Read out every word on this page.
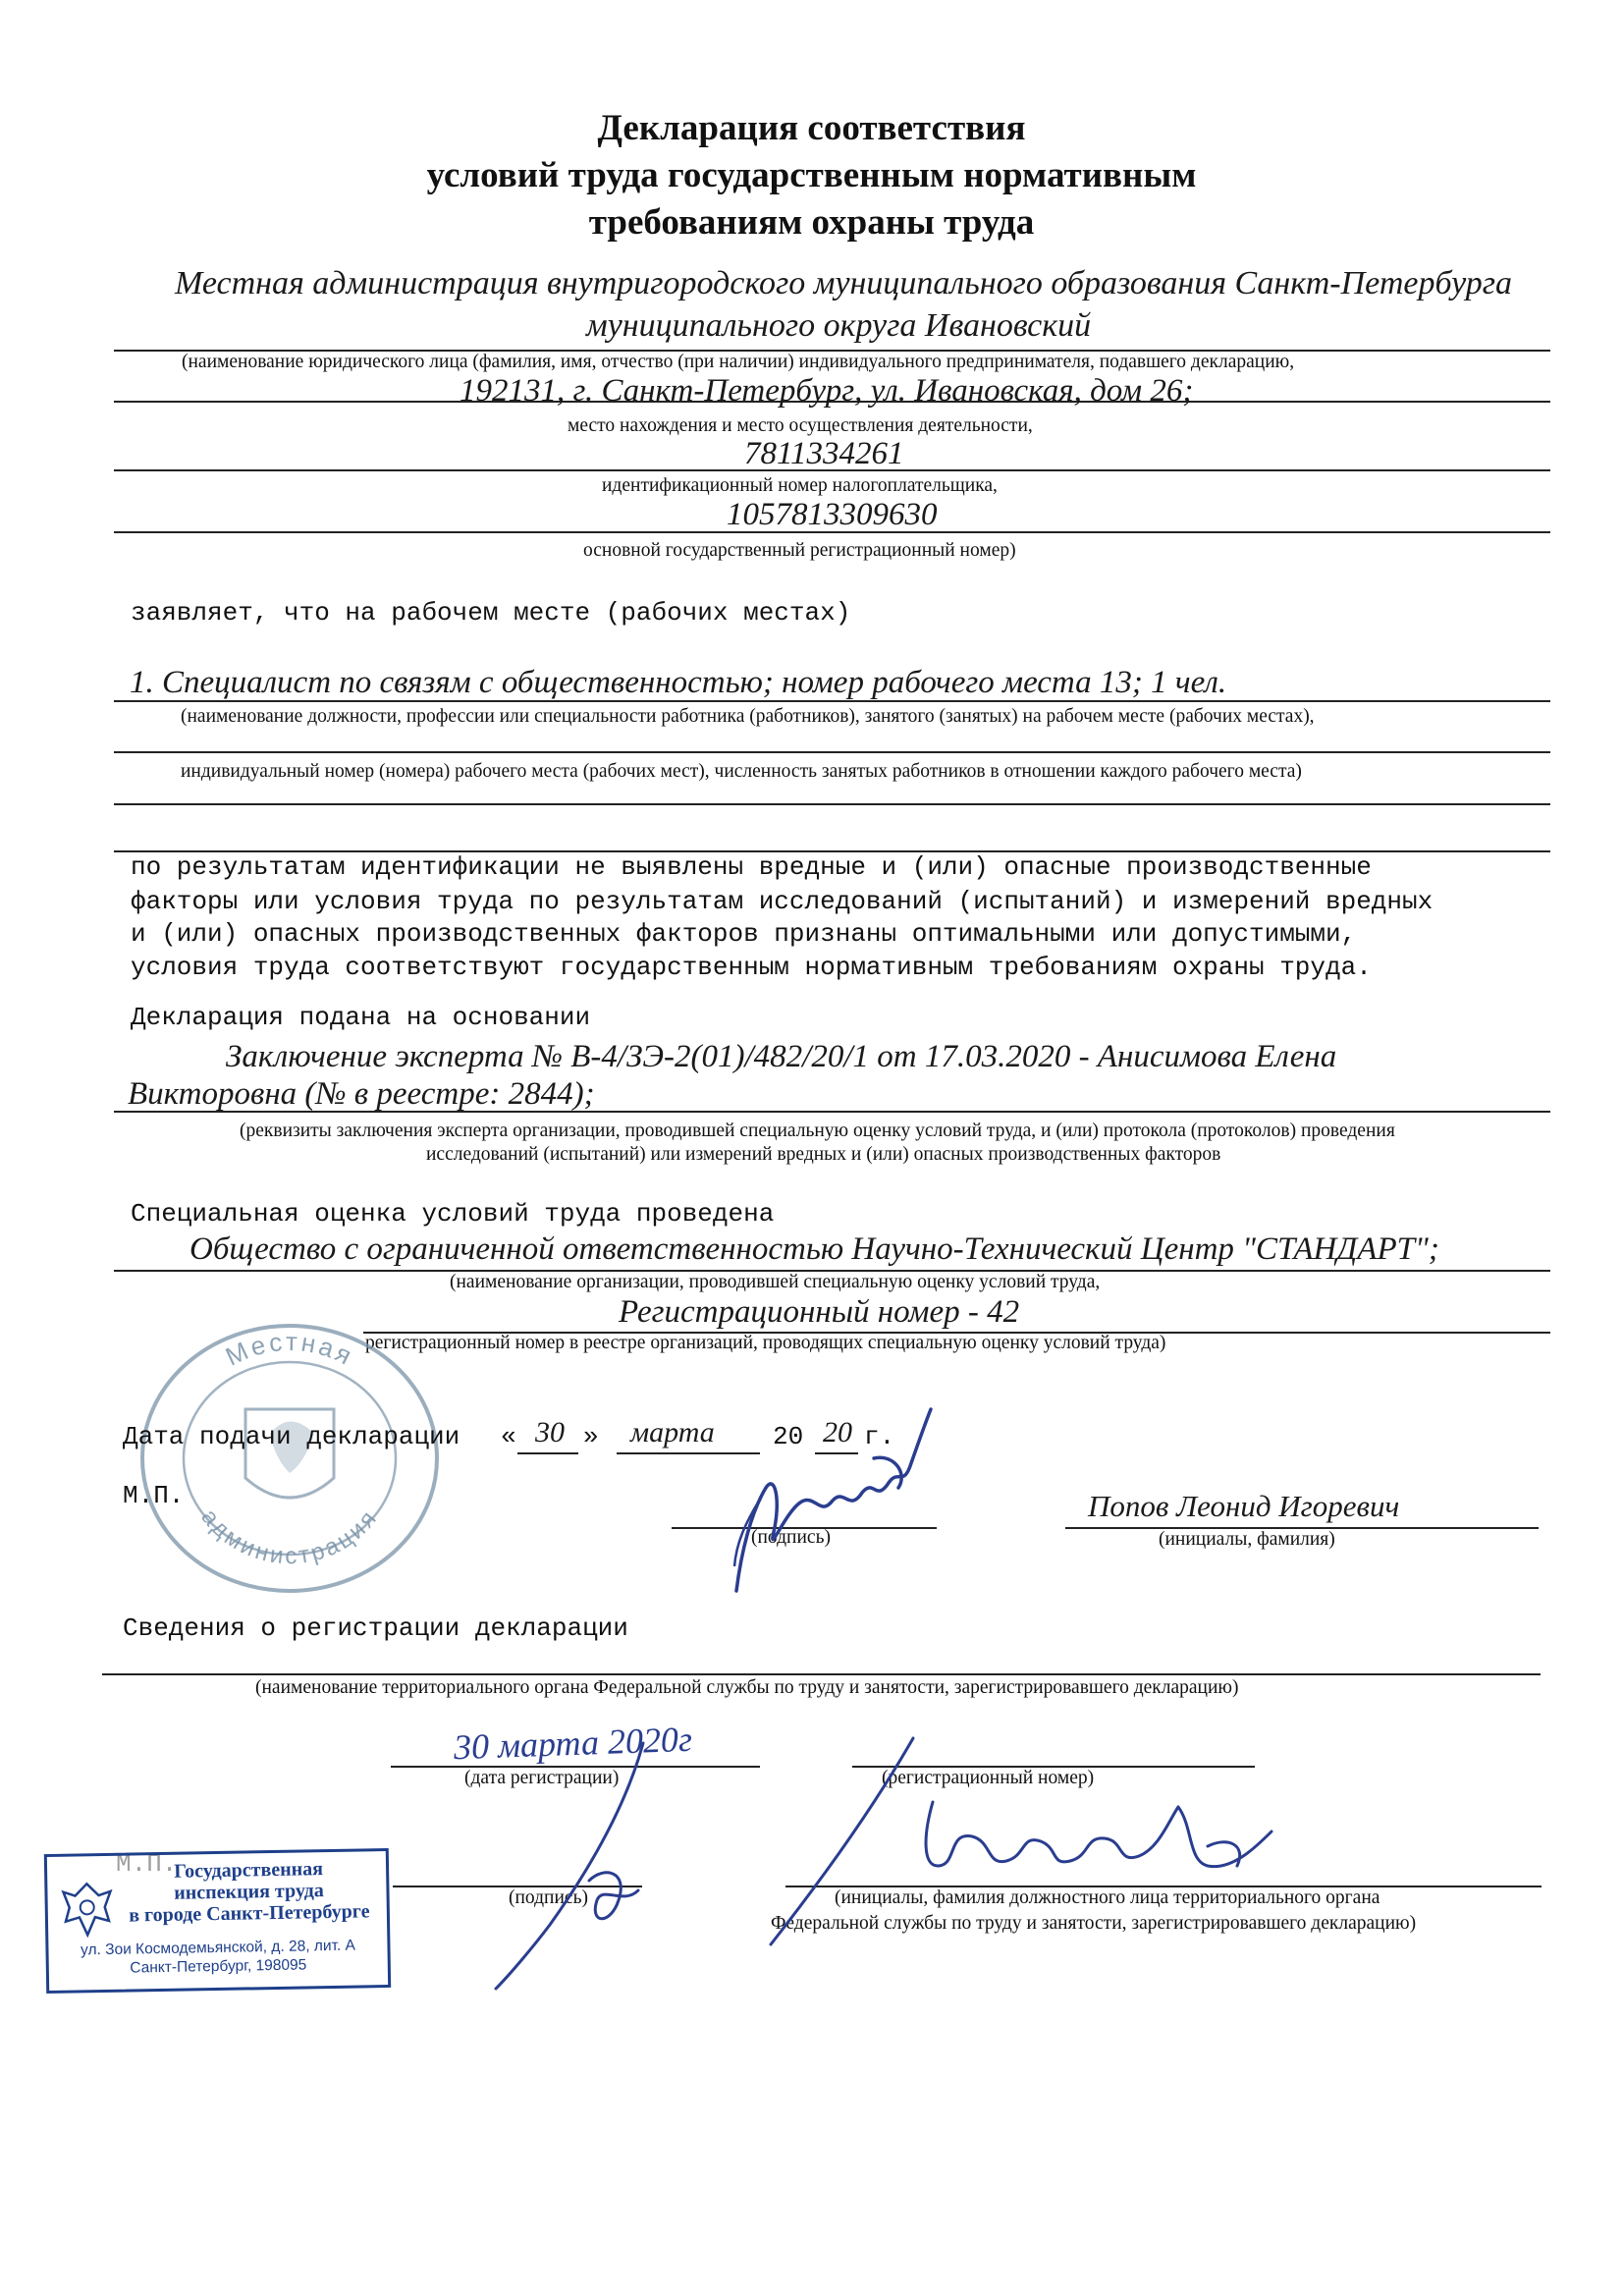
Декларация соответствия
условий труда государственным нормативным
требованиям охраны труда
Местная администрация внутригородского муниципального образования Санкт-Петербурга
муниципального округа Ивановский
(наименование юридического лица (фамилия, имя, отчество (при наличии) индивидуального предпринимателя, подавшего декларацию,
192131, г. Санкт-Петербург, ул. Ивановская, дом 26;
место нахождения и место осуществления деятельности,
7811334261
идентификационный номер налогоплательщика,
1057813309630
основной государственный регистрационный номер)
заявляет, что на рабочем месте (рабочих местах)
1. Специалист по связям с общественностью; номер рабочего места 13; 1 чел.
(наименование должности, профессии или специальности работника (работников), занятого (занятых) на рабочем месте (рабочих местах),
индивидуальный номер (номера) рабочего места (рабочих мест), численность занятых работников в отношении каждого рабочего места)
по результатам идентификации не выявлены вредные и (или) опасные производственные
факторы или условия труда по результатам исследований (испытаний) и измерений вредных
и (или) опасных производственных факторов признаны оптимальными или допустимыми,
условия труда соответствуют государственным нормативным требованиям охраны труда.
Декларация подана на основании
Заключение эксперта № В-4/ЗЭ-2(01)/482/20/1 от 17.03.2020 - Анисимова Елена
Викторовна (№ в реестре: 2844);
(реквизиты заключения эксперта организации, проводившей специальную оценку условий труда, и (или) протокола (протоколов) проведения
исследований (испытаний) или измерений вредных и (или) опасных производственных факторов
Специальная оценка условий труда проведена
Общество с ограниченной ответственностью Научно-Технический Центр "СТАНДАРТ";
(наименование организации, проводившей специальную оценку условий труда,
Регистрационный номер - 42
регистрационный номер в реестре организаций, проводящих специальную оценку условий труда)
Местная
администрация
Дата подачи декларации « 30 » марта 20 20 г.
М.П.
(подпись)
Попов Леонид Игоревич
(инициалы, фамилия)
Сведения о регистрации декларации
(наименование территориального органа Федеральной службы по труду и занятости, зарегистрировавшего декларацию)
30 марта 2020г
(дата регистрации)	(регистрационный номер)
(подпись)	(инициалы, фамилия должностного лица территориального органа
Федеральной службы по труду и занятости, зарегистрировавшего декларацию)
Государственная
инспекция труда
в городе Санкт-Петербурге
ул. Зои Космодемьянской, д. 28, лит. А
Санкт-Петербург, 198095
